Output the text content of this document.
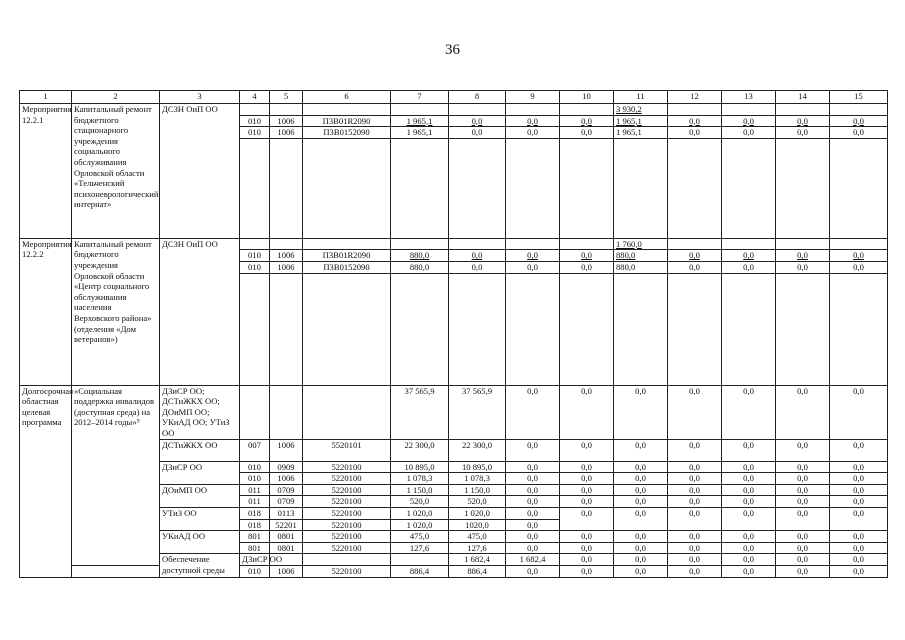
36
1	2	3	4	5	6	7	8	9	10	11	12	13	14	15	
Мероприятия 12.2.1	Капитальный ремонт бюджетного стационарного учреждения социального обслуживания Орловской области «Тельченский психоневрологический интернат»	ДСЗН ОиП ОО								3 930,2					
			010	1006	П3В01R2090	1 965,1	0,0	0,0	0,0	1 965,1	0,0	0,0	0,0	0,0	
			010	1006	П3В0152090	1 965,1	0,0	0,0	0,0	1 965,1	0,0	0,0	0,0	0,0	

Мероприятия 12.2.2	Капитальный ремонт бюджетного учреждения Орловской области «Центр социального обслуживания населения Верховского района» (отделения «Дом ветеранов»)	ДСЗН ОиП ОО								1 760,0					
			010	1006	П3В01R2090	880,0	0,0	0,0	0,0	880,0	0,0	0,0	0,0	0,0	
			010	1006	П3В0152090	880,0	0,0	0,0	0,0	880,0	0,0	0,0	0,0	0,0	

Долгосрочная областная целевая программа	«Социальная поддержка инвалидов (доступная среда) на 2012–2014 годы»⁹	ДЗиСР ОО; ДСТиЖКХ ОО; ДОиМП ОО; УКиАД ОО; УТиЗ ОО				37 565,9	37 565,9	0,0	0,0	0,0	0,0	0,0	0,0	0,0	
		ДСТиЖКХ ОО	007	1006	5520101	22 300,0	22 300,0	0,0	0,0	0,0	0,0	0,0	0,0	0,0	
		ДЗиСР ОО	010	0909	5220100	10 895,0	10 895,0	0,0	0,0	0,0	0,0	0,0	0,0	0,0	
			010	1006	5220100	1 078,3	1 078,3	0,0	0,0	0,0	0,0	0,0	0,0	0,0	
		ДОиМП ОО	011	0709	5220100	1 150,0	1 150,0	0,0	0,0	0,0	0,0	0,0	0,0	0,0	
			011	0709	5220100	520,0	520,0	0,0	0,0	0,0	0,0	0,0	0,0	0,0	
		УТиЗ ОО	018	0113	5220100	1 020,0	1 020,0	0,0	0,0	0,0	0,0	0,0	0,0	0,0	
			018	52201	5220100	1 020,0	1020,0	0,0							
		УКиАД ОО	801	0801	5220100	475,0	475,0	0,0	0,0	0,0	0,0	0,0	0,0	0,0	
			801	0801	5220100	127,6	127,6	0,0	0,0	0,0	0,0	0,0	0,0	0,0	
		Обеспечение доступной среды	ДЗиСР ОО				1 682,4	1 682,4	0,0	0,0	0,0	0,0	0,0	0,0	
			010	1006	5220100	886,4	886,4	0,0	0,0	0,0	0,0	0,0	0,0	0,0	
